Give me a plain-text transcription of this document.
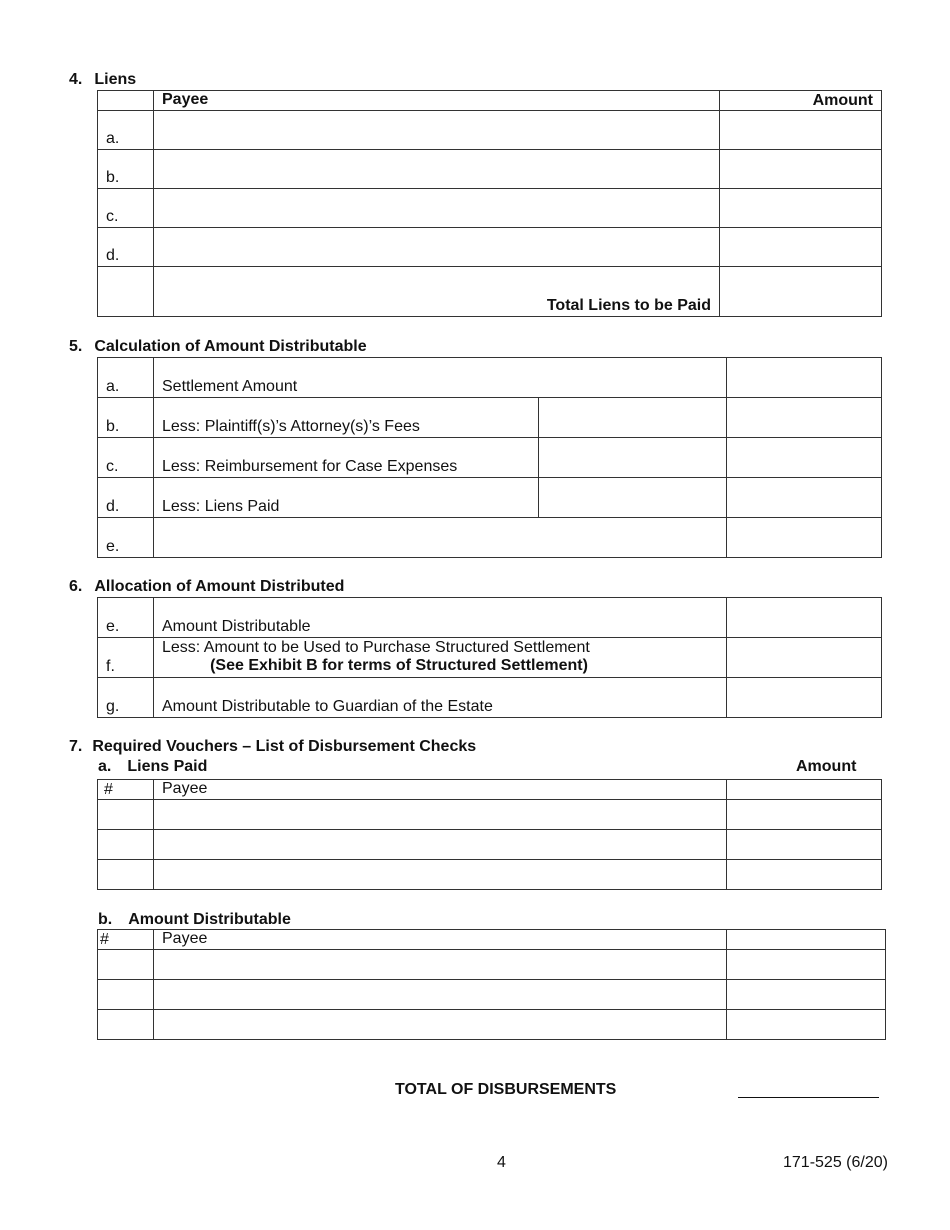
4. Liens
	Payee	Amount
a.		
b.		
c.		
d.		
	Total Liens to be Paid	
5. Calculation of Amount Distributable
a.	Settlement Amount		
b.	Less: Plaintiff(s)’s Attorney(s)’s Fees		
c.	Less: Reimbursement for Case Expenses		
d.	Less: Liens Paid		
e.			
6. Allocation of Amount Distributed
e.	Amount Distributable	
f.	Less: Amount to be Used to Purchase Structured Settlement
(See Exhibit B for terms of Structured Settlement)	

g.	Amount Distributable to Guardian of the Estate	
7. Required Vouchers – List of Disbursement Checks
a. Liens Paid	Amount
#	Payee	

b. Amount Distributable
#	Payee	

TOTAL OF DISBURSEMENTS
4	171-525 (6/20)
